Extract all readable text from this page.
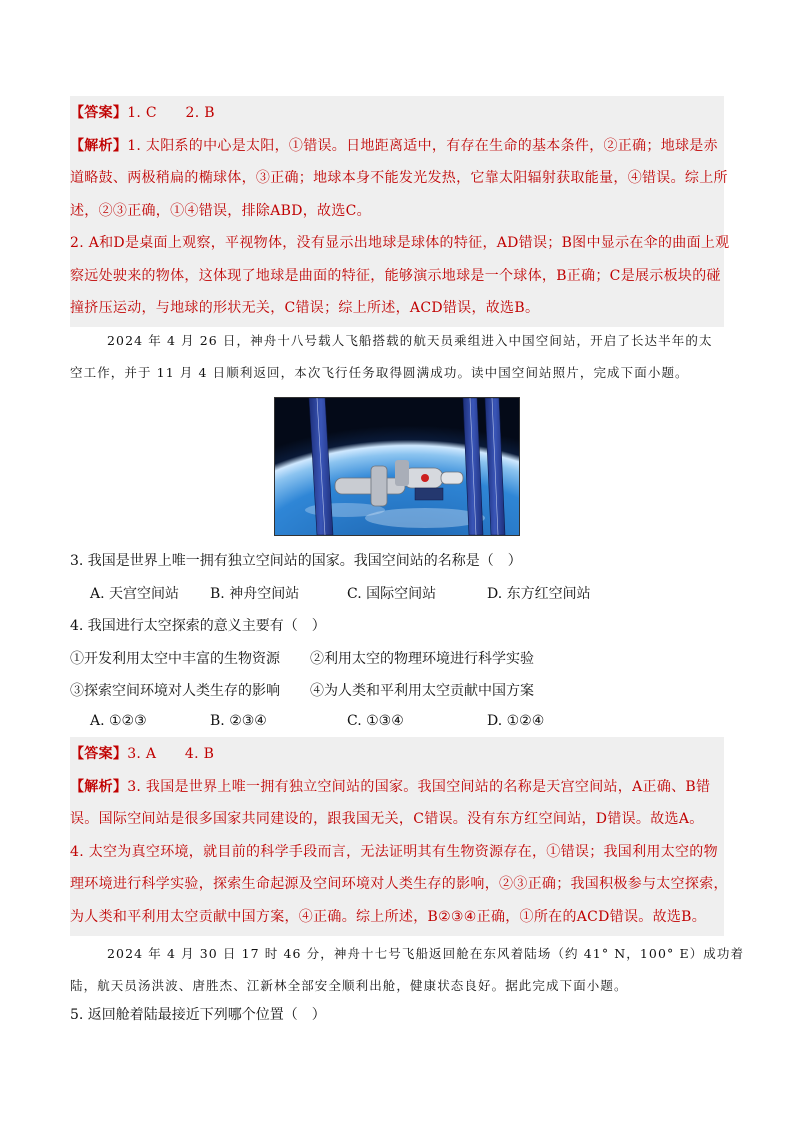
【答案】1. C　　2. B

【解析】1. 太阳系的中心是太阳，①错误。日地距离适中，有存在生命的基本条件，②正确；地球是赤

道略鼓、两极稍扁的椭球体，③正确；地球本身不能发光发热，它靠太阳辐射获取能量，④错误。综上所

述，②③正确，①④错误，排除ABD，故选C。

2. A和D是桌面上观察，平视物体，没有显示出地球是球体的特征，AD错误；B图中显示在伞的曲面上观

察远处驶来的物体，这体现了地球是曲面的特征，能够演示地球是一个球体，B正确；C是展示板块的碰

撞挤压运动，与地球的形状无关，C错误；综上所述，ACD错误，故选B。

2024 年 4 月 26 日，神舟十八号载人飞船搭载的航天员乘组进入中国空间站，开启了长达半年的太

空工作，并于 11 月 4 日顺利返回，本次飞行任务取得圆满成功。读中国空间站照片，完成下面小题。

3. 我国是世界上唯一拥有独立空间站的国家。我国空间站的名称是（　）
A. 天宫空间站 B. 神舟空间站	C. 国际空间站	D. 东方红空间站
4. 我国进行太空探索的意义主要有（　）
①开发利用太空中丰富的生物资源 ②利用太空的物理环境进行科学实验
③探索空间环境对人类生存的影响 ④为人类和平利用太空贡献中国方案
A. ①②③	B. ②③④	C. ①③④	D. ①②④

【答案】3. A　　4. B

【解析】3. 我国是世界上唯一拥有独立空间站的国家。我国空间站的名称是天宫空间站，A正确、B错

误。国际空间站是很多国家共同建设的，跟我国无关，C错误。没有东方红空间站，D错误。故选A。

4. 太空为真空环境，就目前的科学手段而言，无法证明其有生物资源存在，①错误；我国利用太空的物

理环境进行科学实验，探索生命起源及空间环境对人类生存的影响，②③正确；我国积极参与太空探索，

为人类和平利用太空贡献中国方案，④正确。综上所述，B②③④正确，①所在的ACD错误。故选B。

2024 年 4 月 30 日 17 时 46 分，神舟十七号飞船返回舱在东风着陆场（约 41° N，100° E）成功着

陆，航天员汤洪波、唐胜杰、江新林全部安全顺利出舱，健康状态良好。据此完成下面小题。

5. 返回舱着陆最接近下列哪个位置（　）
